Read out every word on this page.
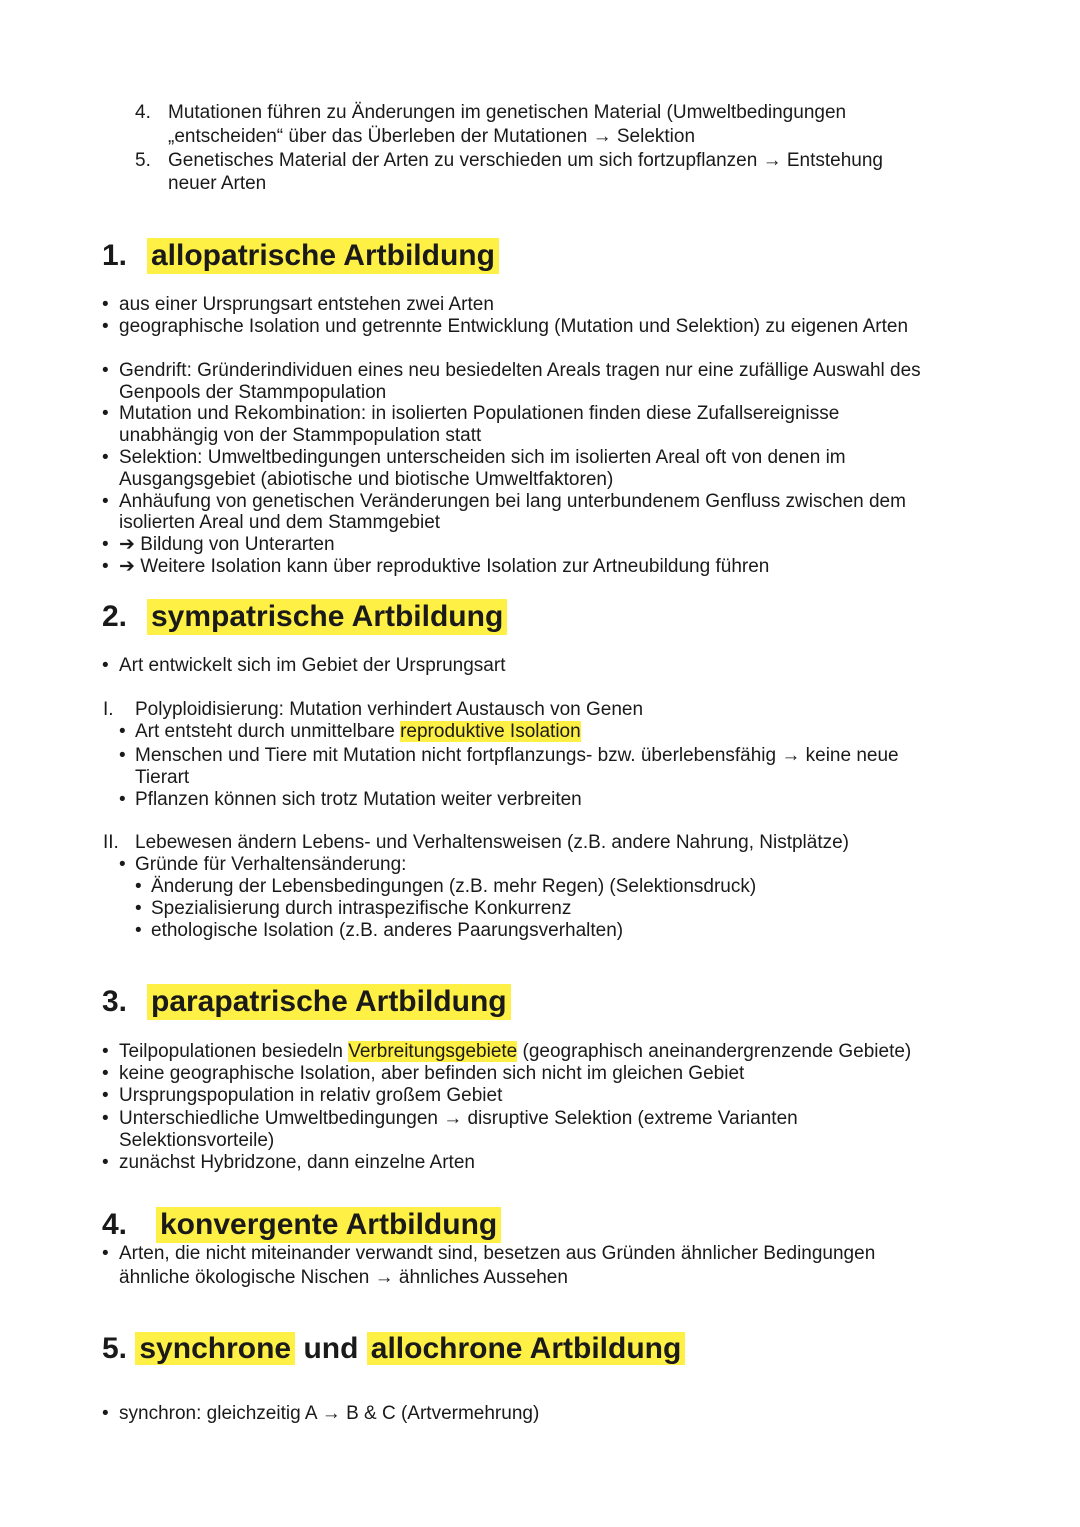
4. Mutationen führen zu Änderungen im genetischen Material (Umweltbedingungen
„entscheiden“ über das Überleben der Mutationen → Selektion
5. Genetisches Material der Arten zu verschieden um sich fortzupflanzen → Entstehung
neuer Arten
1. allopatrische Artbildung
• aus einer Ursprungsart entstehen zwei Arten
• geographische Isolation und getrennte Entwicklung (Mutation und Selektion) zu eigenen Arten
• Gendrift: Gründerindividuen eines neu besiedelten Areals tragen nur eine zufällige Auswahl des
Genpools der Stammpopulation
• Mutation und Rekombination: in isolierten Populationen finden diese Zufallsereignisse
unabhängig von der Stammpopulation statt
• Selektion: Umweltbedingungen unterscheiden sich im isolierten Areal oft von denen im
Ausgangsgebiet (abiotische und biotische Umweltfaktoren)
• Anhäufung von genetischen Veränderungen bei lang unterbundenem Genfluss zwischen dem
isolierten Areal und dem Stammgebiet
• ➔ Bildung von Unterarten
• ➔ Weitere Isolation kann über reproduktive Isolation zur Artneubildung führen
2. sympatrische Artbildung
• Art entwickelt sich im Gebiet der Ursprungsart
I. Polyploidisierung: Mutation verhindert Austausch von Genen
• Art entsteht durch unmittelbare reproduktive Isolation
• Menschen und Tiere mit Mutation nicht fortpflanzungs- bzw. überlebensfähig → keine neue
Tierart
• Pflanzen können sich trotz Mutation weiter verbreiten
II. Lebewesen ändern Lebens- und Verhaltensweisen (z.B. andere Nahrung, Nistplätze)
• Gründe für Verhaltensänderung:
• Änderung der Lebensbedingungen (z.B. mehr Regen) (Selektionsdruck)
• Spezialisierung durch intraspezifische Konkurrenz
• ethologische Isolation (z.B. anderes Paarungsverhalten)
3. parapatrische Artbildung
• Teilpopulationen besiedeln Verbreitungsgebiete (geographisch aneinandergrenzende Gebiete)
• keine geographische Isolation, aber befinden sich nicht im gleichen Gebiet
• Ursprungspopulation in relativ großem Gebiet
• Unterschiedliche Umweltbedingungen → disruptive Selektion (extreme Varianten
Selektionsvorteile)
• zunächst Hybridzone, dann einzelne Arten
4. konvergente Artbildung
• Arten, die nicht miteinander verwandt sind, besetzen aus Gründen ähnlicher Bedingungen
ähnliche ökologische Nischen → ähnliches Aussehen
5. synchrone und allochrone Artbildung
• synchron: gleichzeitig A → B & C (Artvermehrung)
